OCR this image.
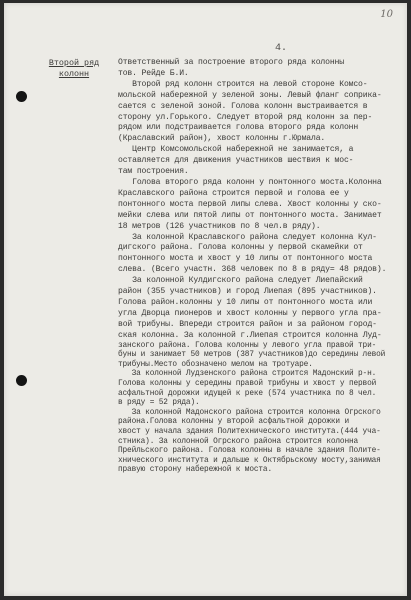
10
4.
Второй ряд колонн
Ответственный за построение второго ряда колонны
тов. Рейде Б.И.
Второй ряд колонн строится на левой стороне Комсо-
мольской набережной у зеленой зоны. Левый фланг соприка-
сается с зеленой зоной. Голова колонн выстраивается в
сторону ул.Горького. Следует второй ряд колонн за пер-
рядом или подстраивается голова второго ряда колонн
(Краславский район), хвост колонны г.Юрмала.
Центр Комсомольской набережной не занимается, а
оставляется для движения участников шествия к мос-
там построения.
Голова второго ряда колонн у понтонного моста.Колонна
Краславского района строится первой и голова ее у
понтонного моста первой липы слева. Хвост колонны у ско-
мейки слева или пятой липы от понтонного моста. Занимает
18 метров (126 участников по 8 чел.в ряду).
За колонной Краславского района следует колонна Кул-
дигского района. Голова колонны у первой скамейки от
понтонного моста и хвост у 10 липы от понтонного моста
слева. (Всего участн. 368 человек по 8 в ряду= 48 рядов).
За колонной Кулдигского района следует Лиепайский
район (355 участников) и город Лиепая (895 участников).
Голова район.колонны у 10 липы от понтонного моста или
угла Дворца пионеров и хвост колонны у первого угла пра-
вой трибуны. Впереди строится район и за районом город-
ская колонна. За колонной г.Лиепая строится колонна Луд-
занского района. Голова колонны у левого угла правой три-
буны и занимает 50 метров (387 участников)до середины левой
трибуны.Место обозначено мелом на тротуаре.
За колонной Лудзенского района строится Мадонский р-н.
Голова колонны у середины правой трибуны и хвост у первой
асфальтной дорожки идущей к реке (574 участника по 8 чел.
в ряду = 52 ряда).
За колонной Мадонского района строится колонна Огрского
района.Голова колонны у второй асфальтной дорожки и
хвост у начала здания Политехнического института.(444 уча-
стника). За колонной Огрского района строится колонна
Прейльского района. Голова колонны в начале здания Полите-
хнического института и дальше к Октябрьскому мосту,занимая
правую сторону набережной к моста.
